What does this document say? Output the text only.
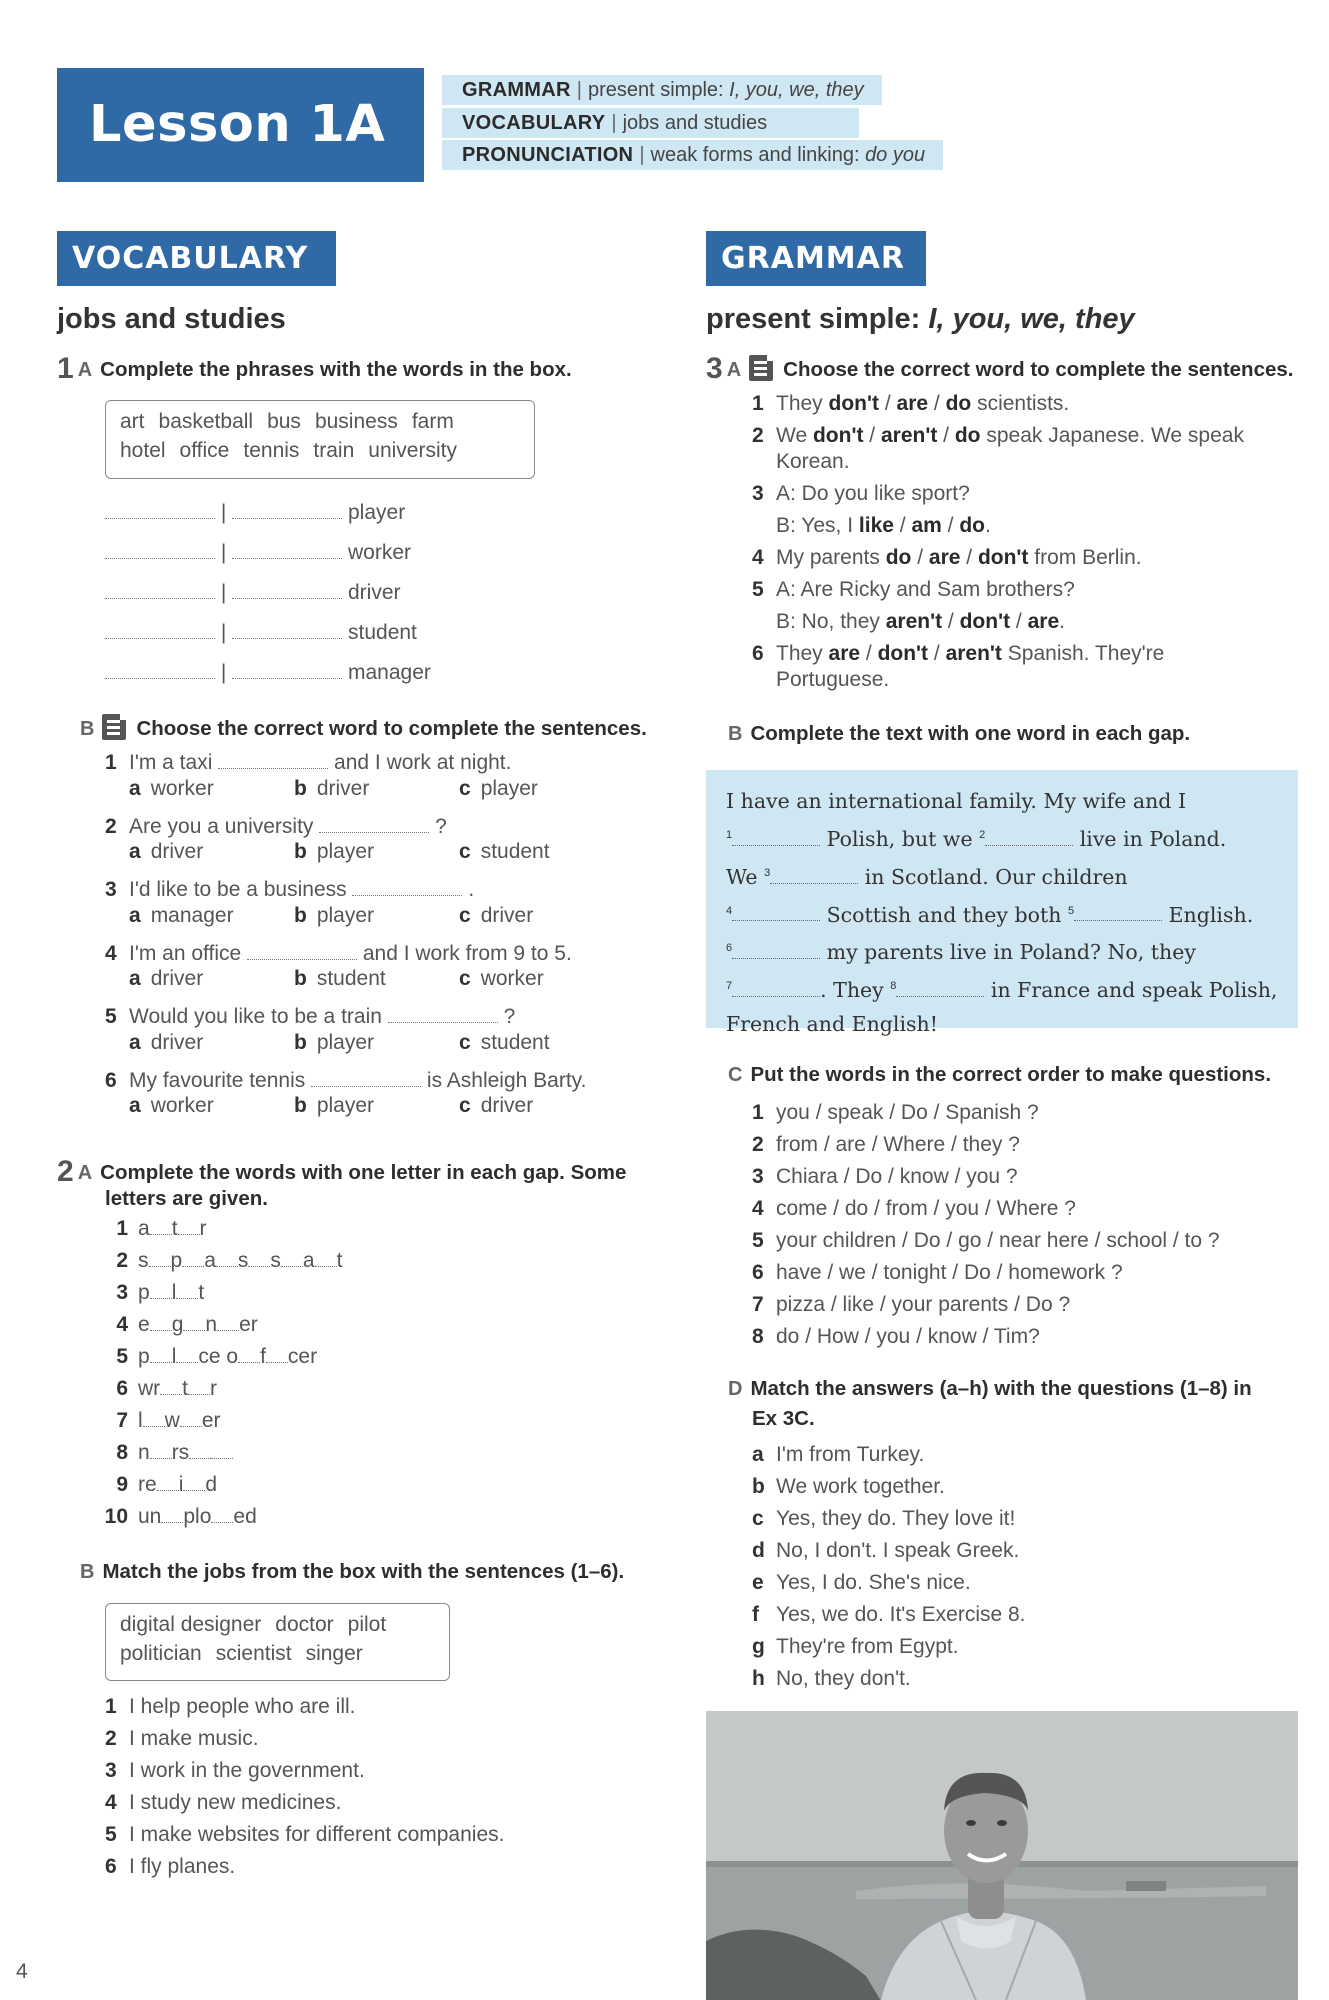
Lesson 1A
GRAMMAR | present simple: I, you, we, they
VOCABULARY | jobs and studies
PRONUNCIATION | weak forms and linking: do you
VOCABULARY
jobs and studies
1 A Complete the phrases with the words in the box.
art basketball bus business farm
hotel office tennis train university
|	player
|	worker
|	driver
|	student
|	manager
B Choose the correct word to complete the sentences.
1 I'm a taxi	and I work at night.
a worker	b driver	c player
2 Are you a university	?
a driver	b player	c student
3 I'd like to be a business	.
a manager	b player	c driver
4 I'm an office	and I work from 9 to 5.
a driver	b student	c worker
5 Would you like to be a train	?
a driver	b player	c student
6 My favourite tennis	is Ashleigh Barty.
a worker	b player	c driver
2 A Complete the words with one letter in each gap. Some
letters are given.
1 a t r
2 s p a s s a t
3 p l t
4 e g n er
5 p l ce o f cer
6 wr t r
7 l w er
8 n rs
9 re i d
10 un plo ed
B Match the jobs from the box with the sentences (1–6).
digital designer doctor pilot
politician scientist singer
1 I help people who are ill.
2 I make music.
3 I work in the government.
4 I study new medicines.
5 I make websites for different companies.
6 I fly planes.
4
GRAMMAR
present simple: I, you, we, they
3 A Choose the correct word to complete the sentences.
1 They don't / are / do scientists.
2 We don't / aren't / do speak Japanese. We speak
Korean.
3 A: Do you like sport?
B: Yes, I like / am / do.
4 My parents do / are / don't from Berlin.
5 A: Are Ricky and Sam brothers?
B: No, they aren't / don't / are.
6 They are / don't / aren't Spanish. They're
Portuguese.
B Complete the text with one word in each gap.
I have an international family. My wife and I
$^1$	Polish, but we $^2$	live in Poland.
We $^3$	in Scotland. Our children
$^4$	Scottish and they both $^5$	English.
$^6$	my parents live in Poland? No, they
$^7$	. They $^8$	in France and speak Polish,
French and English!
C Put the words in the correct order to make questions.
1 you / speak / Do / Spanish ?
2 from / are / Where / they ?
3 Chiara / Do / know / you ?
4 come / do / from / you / Where ?
5 your children / Do / go / near here / school / to ?
6 have / we / tonight / Do / homework ?
7 pizza / like / your parents / Do ?
8 do / How / you / know / Tim?
D Match the answers (a–h) with the questions (1–8) in
Ex 3C.
a I'm from Turkey.
b We work together.
c Yes, they do. They love it!
d No, I don't. I speak Greek.
e Yes, I do. She's nice.
f Yes, we do. It's Exercise 8.
g They're from Egypt.
h No, they don't.
